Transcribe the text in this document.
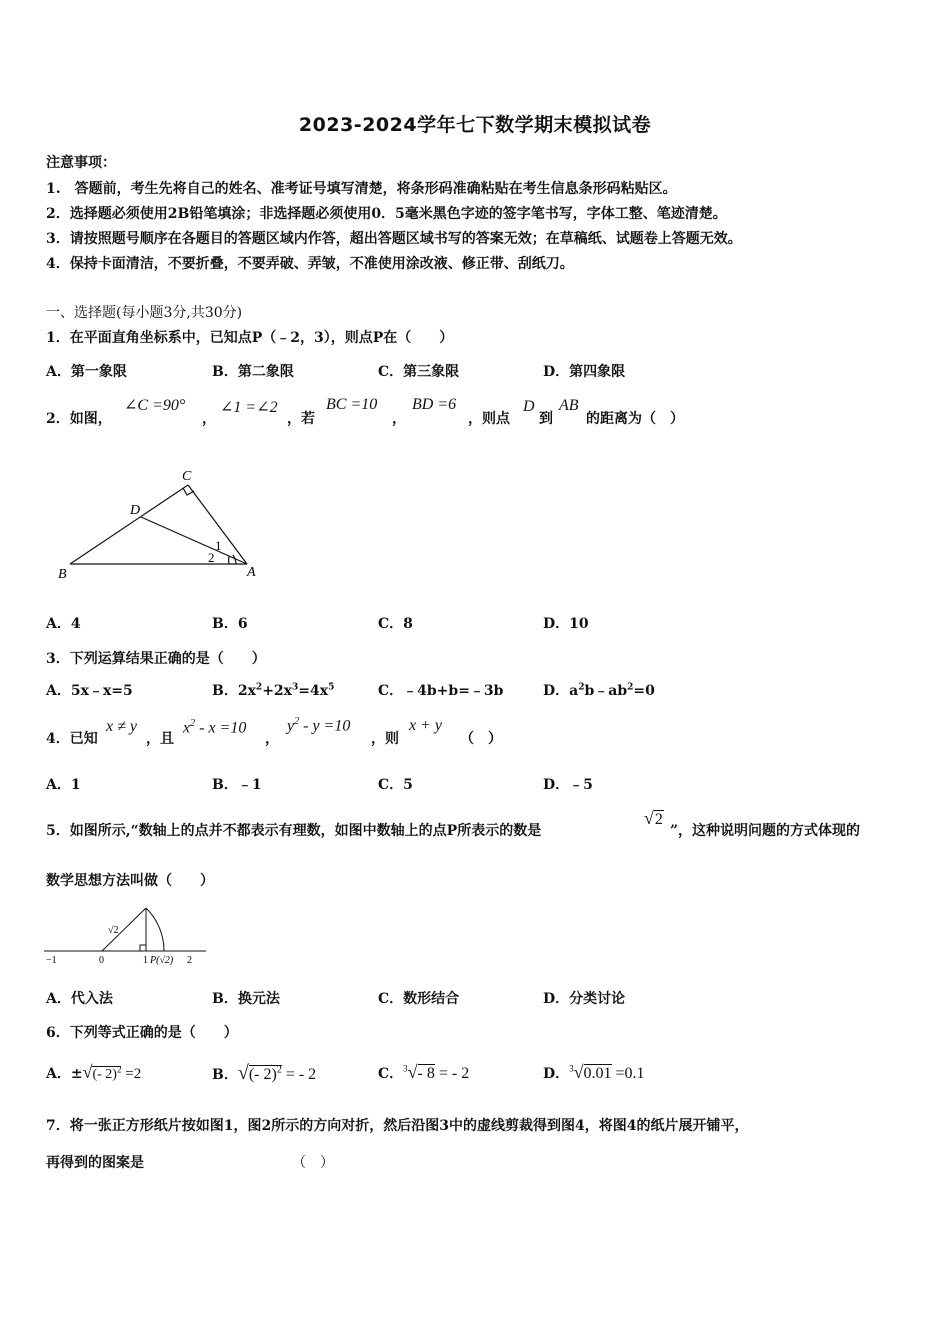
2023-2024学年七下数学期末模拟试卷
注意事项：
1.　答题前，考生先将自己的姓名、准考证号填写清楚，将条形码准确粘贴在考生信息条形码粘贴区。
2．选择题必须使用2B铅笔填涂；非选择题必须使用0．5毫米黑色字迹的签字笔书写，字体工整、笔迹清楚。
3．请按照题号顺序在各题目的答题区域内作答，超出答题区域书写的答案无效；在草稿纸、试题卷上答题无效。
4．保持卡面清洁，不要折叠，不要弄破、弄皱，不准使用涂改液、修正带、刮纸刀。
一、选择题(每小题3分,共30分)
1．在平面直角坐标系中，已知点P（﹣2，3），则点P在（　　）
A．第一象限	B．第二象限	C．第三象限	D．第四象限
2．如图，
∠C =90°
，
∠1 =∠2
，若
BC =10
，
BD =6
，则点
D
到
AB
的距离为（　）
C
D
B	A
1
2
A．4	B．6	C．8	D．10
3．下列运算结果正确的是（　　）
A．5x﹣x=5	B．$2x^2+2x^3=4x^5$	C．﹣4b+b=﹣3b	D．$a^2b﹣ab^2=0$
4．已知
x ≠ y
，且
$x^2 - x =10$
，
$y^2 - y =10$
，则
x + y
（　）
A．1	B．﹣1	C．5	D．﹣5
5．如图所示,“数轴上的点并不都表示有理数，如图中数轴上的点P所表示的数是
√2
”，这种说明问题的方式体现的
数学思想方法叫做（　　）
−1	0	1 P(√2) 2
√2
A．代入法	B．换元法	C．数形结合	D．分类讨论
6．下列等式正确的是（　　）
A．±√(- 2)$^2$ =2	B．√(- 2)$^2$ = - 2	C．$^3$√- 8 = - 2	D．$^3$√0.01 =0.1
7．将一张正方形纸片按如图1，图2所示的方向对折，然后沿图3中的虚线剪裁得到图4，将图4的纸片展开铺平，
再得到的图案是	（　）
